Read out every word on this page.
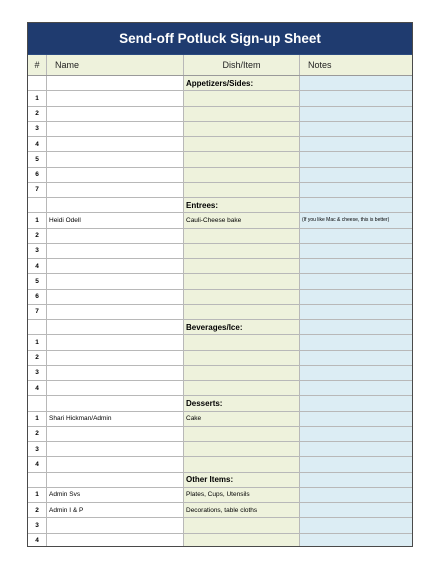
Send-off Potluck Sign-up Sheet
#	Name	Dish/Item	Notes
Appetizers/Sides:
1
2
3
4
5
6
7
Entrees:
1	Heidi Odell	Cauli-Cheese bake	(If you like Mac & cheese, this is better)
2
3
4
5
6
7
Beverages/Ice:
1
2
3
4
Desserts:
1	Shari Hickman/Admin	Cake
2
3
4
Other Items:
1	Admin Svs	Plates, Cups, Utensils
2	Admin I & P	Decorations, table cloths
3
4
